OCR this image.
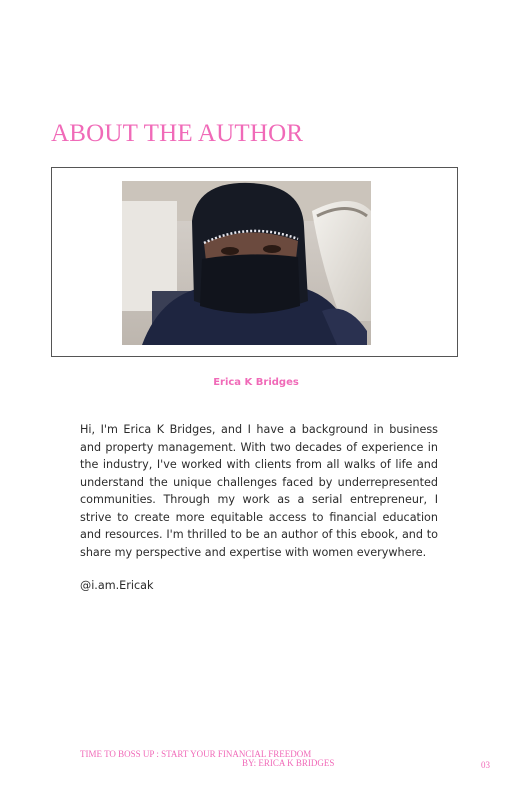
ABOUT THE AUTHOR
Erica K Bridges

Hi, I'm Erica K Bridges, and I have a background in business and property management. With two decades of experience in the industry, I've worked with clients from all walks of life and understand the unique challenges faced by underrepresented communities. Through my work as a serial entrepreneur, I strive to create more equitable access to financial education and resources. I'm thrilled to be an author of this ebook, and to share my perspective and expertise with women everywhere.

@i.am.Ericak
TIME TO BOSS UP : START YOUR FINANCIAL FREEDOM
BY: ERICA K BRIDGES	03
